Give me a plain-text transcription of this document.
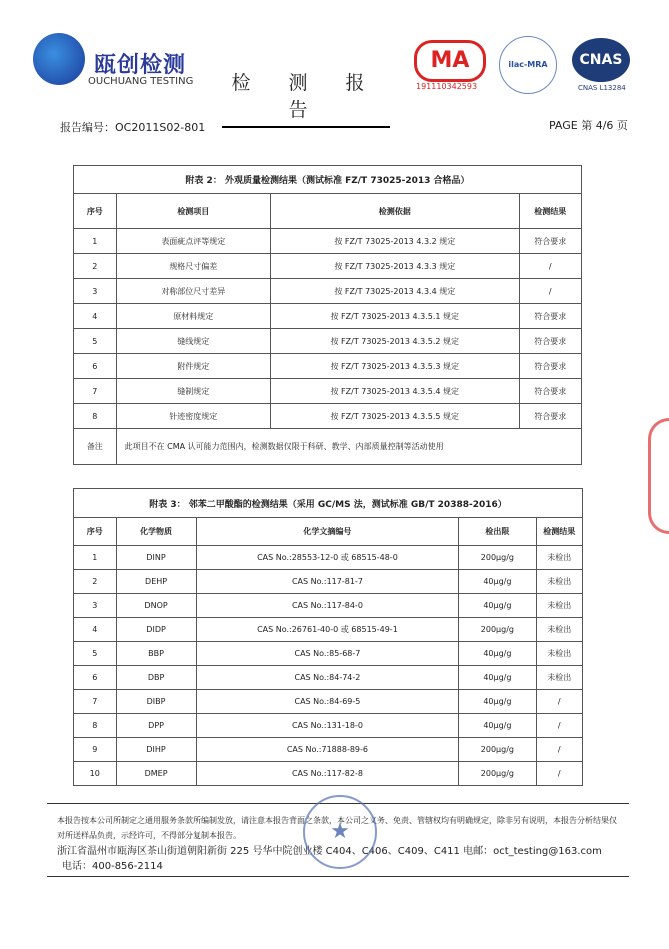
瓯创检测
OUCHUANG TESTING	检 测 报 告
MA
191110342593
ilac-MRA	CNAS
CNAS L13284
报告编号：OC2011S02-801	PAGE 第 4/6 页
附表 2： 外观质量检测结果（测试标准 FZ/T 73025-2013 合格品）			
序号	检测项目	检测依据	检测结果
1	表面疵点评等规定	按 FZ/T 73025-2013 4.3.2 规定	符合要求
2	规格尺寸偏差	按 FZ/T 73025-2013 4.3.3 规定	/
3	对称部位尺寸差异	按 FZ/T 73025-2013 4.3.4 规定	/
4	原材料规定	按 FZ/T 73025-2013 4.3.5.1 规定	符合要求
5	缝线规定	按 FZ/T 73025-2013 4.3.5.2 规定	符合要求
6	附件规定	按 FZ/T 73025-2013 4.3.5.3 规定	符合要求
7	缝制规定	按 FZ/T 73025-2013 4.3.5.4 规定	符合要求
8	针迹密度规定	按 FZ/T 73025-2013 4.3.5.5 规定	符合要求
备注	此项目不在 CMA 认可能力范围内，检测数据仅限于科研、教学、内部质量控制等活动使用		
附表 3： 邻苯二甲酸酯的检测结果（采用 GC/MS 法，测试标准 GB/T 20388-2016）				
序号	化学物质	化学文摘编号	检出限	检测结果
1	DINP	CAS No.:28553-12-0 或 68515-48-0	200μg/g	未检出
2	DEHP	CAS No.:117-81-7	40μg/g	未检出
3	DNOP	CAS No.:117-84-0	40μg/g	未检出
4	DIDP	CAS No.:26761-40-0 或 68515-49-1	200μg/g	未检出
5	BBP	CAS No.:85-68-7	40μg/g	未检出
6	DBP	CAS No.:84-74-2	40μg/g	未检出
7	DIBP	CAS No.:84-69-5	40μg/g	/
8	DPP	CAS No.:131-18-0	40μg/g	/
9	DIHP	CAS No.:71888-89-6	200μg/g	/
10	DMEP	CAS No.:117-82-8	200μg/g	/
本报告按本公司所制定之通用服务条款所编制发放，请注意本报告背面之条款，本公司之义务、免责、管辖权均有明确规定，除非另有说明，本报告分析结果仅对所送样品负责，示经许可，不得部分复制本报告。
浙江省温州市瓯海区茶山街道朝阳新街 225 号华中院创业楼 C404、C406、C409、C411 电邮：oct_testing@163.com
电话：400-856-2114
★
